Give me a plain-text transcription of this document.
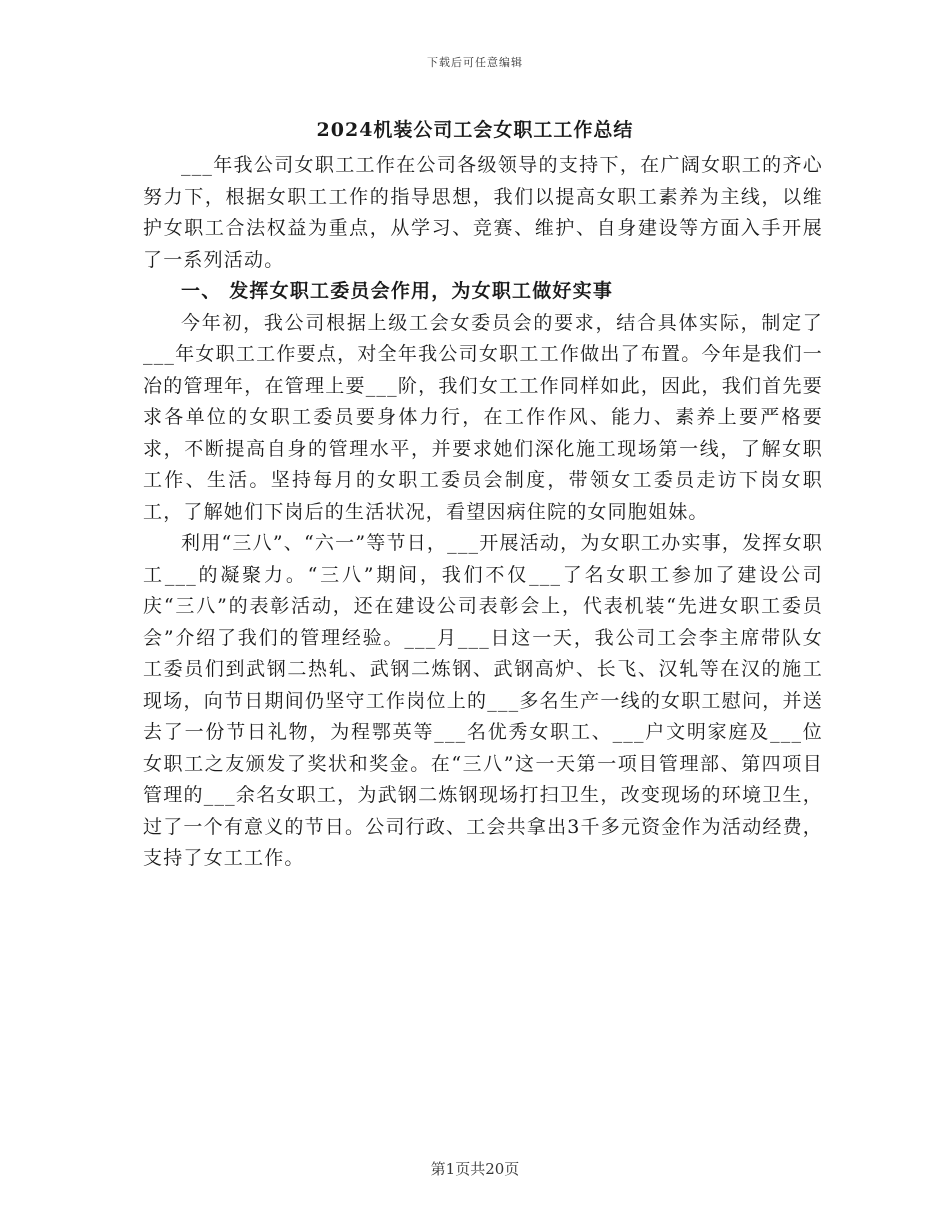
下载后可任意编辑
2024机装公司工会女职工工作总结

___年我公司女职工工作在公司各级领导的支持下，在广阔女职工的齐心努力下，根据女职工工作的指导思想，我们以提高女职工素养为主线，以维护女职工合法权益为重点，从学习、竞赛、维护、自身建设等方面入手开展了一系列活动。

一、 发挥女职工委员会作用，为女职工做好实事

今年初，我公司根据上级工会女委员会的要求，结合具体实际，制定了___年女职工工作要点，对全年我公司女职工工作做出了布置。今年是我们一冶的管理年，在管理上要___阶，我们女工工作同样如此，因此，我们首先要求各单位的女职工委员要身体力行，在工作作风、能力、素养上要严格要求，不断提高自身的管理水平，并要求她们深化施工现场第一线，了解女职工作、生活。坚持每月的女职工委员会制度，带领女工委员走访下岗女职工，了解她们下岗后的生活状况，看望因病住院的女同胞姐妹。

利用“三八”、“六一”等节日，___开展活动，为女职工办实事，发挥女职工___的凝聚力。“三八”期间，我们不仅___了名女职工参加了建设公司庆“三八”的表彰活动，还在建设公司表彰会上，代表机装“先进女职工委员会”介绍了我们的管理经验。___月___日这一天，我公司工会李主席带队女工委员们到武钢二热轧、武钢二炼钢、武钢高炉、长飞、汉轧等在汉的施工现场，向节日期间仍坚守工作岗位上的___多名生产一线的女职工慰问，并送去了一份节日礼物，为程鄂英等___名优秀女职工、___户文明家庭及___位女职工之友颁发了奖状和奖金。在“三八”这一天第一项目管理部、第四项目管理的___余名女职工，为武钢二炼钢现场打扫卫生，改变现场的环境卫生，过了一个有意义的节日。公司行政、工会共拿出3千多元资金作为活动经费，支持了女工工作。

第1页共20页
